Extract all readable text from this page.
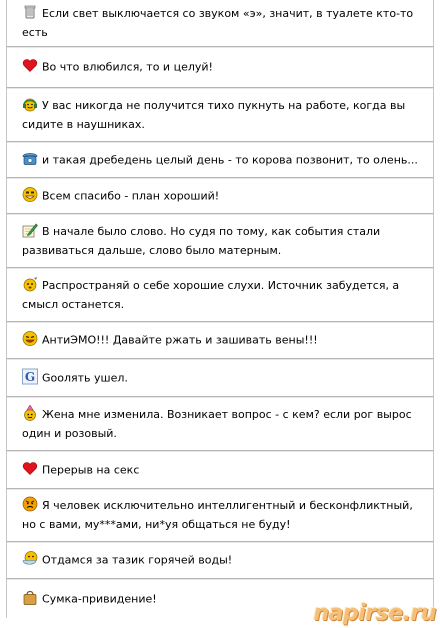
Если свет выключается со звуком «э», значит, в туалете кто-то есть
Во что влюбился, то и целуй!
У вас никогда не получится тихо пукнуть на работе, когда вы сидите в наушниках.
и такая дребедень целый день - то корова позвонит, то олень...
Всем спасибо - план хороший!
В начале было слово. Но судя по тому, как события стали развиваться дальше, слово было матерным.
Распространяй о себе хорошие слухи. Источник забудется, а смысл останется.
АнтиЭМО!!! Давайте ржать и зашивать вены!!!
G Goолять ушел.
Жена мне изменила. Возникает вопрос - с кем? если рог вырос один и розовый.
Перерыв на секс
Я человек исключительно интеллигентный и бесконфликтный, но с вами, му***ами, ни*уя общаться не буду!
Отдамся за тазик горячей воды!
Сумка-привидение!
napirse.ru
